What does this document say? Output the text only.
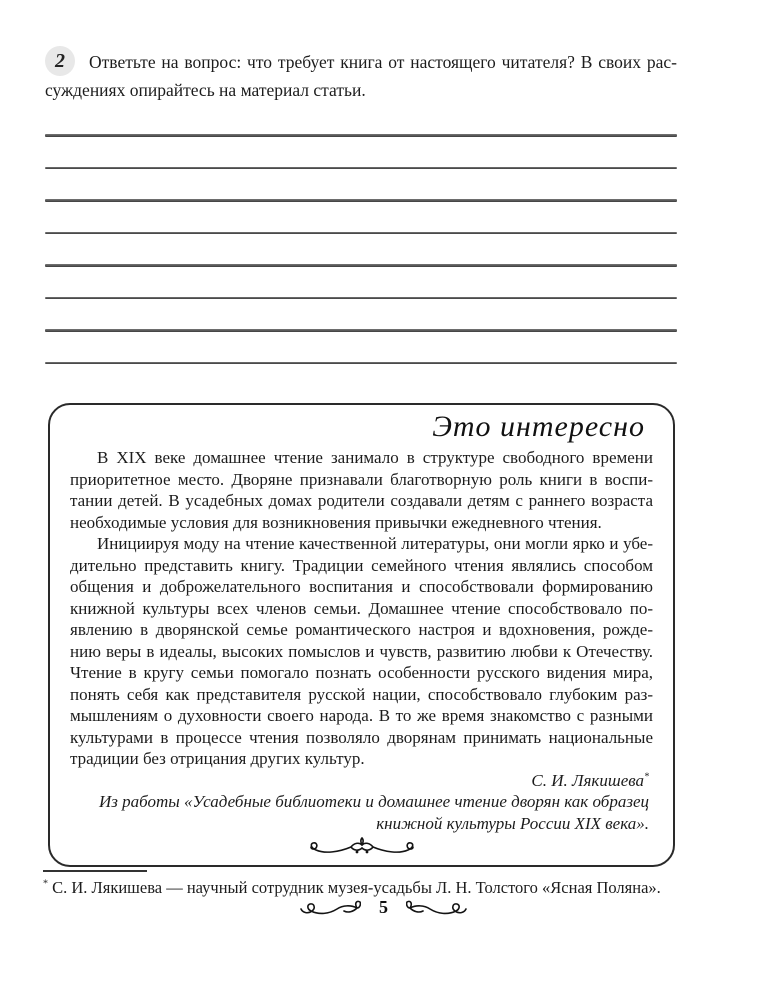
2 Ответьте на вопрос: что требует книга от настоящего читателя? В своих рас-
суждениях опирайтесь на материал статьи.
Это интересно
В XIX веке домашнее чтение занимало в структуре свободного времени
приоритетное место. Дворяне признавали благотворную роль книги в воспи-
тании детей. В усадебных домах родители создавали детям с раннего возраста
необходимые условия для возникновения привычки ежедневного чтения.
Инициируя моду на чтение качественной литературы, они могли ярко и убе-
дительно представить книгу. Традиции семейного чтения являлись способом
общения и доброжелательного воспитания и способствовали формированию
книжной культуры всех членов семьи. Домашнее чтение способствовало по-
явлению в дворянской семье романтического настроя и вдохновения, рожде-
нию веры в идеалы, высоких помыслов и чувств, развитию любви к Отечеству.
Чтение в кругу семьи помогало познать особенности русского видения мира,
понять себя как представителя русской нации, способствовало глубоким раз-
мышлениям о духовности своего народа. В то же время знакомство с разными
культурами в процессе чтения позволяло дворянам принимать национальные
традиции без отрицания других культур.
С. И. Лякишева*
Из работы «Усадебные библиотеки и домашнее чтение дворян как образец
книжной культуры России XIX века».
* С. И. Лякишева — научный сотрудник музея-усадьбы Л. Н. Толстого «Ясная Поляна».
5
